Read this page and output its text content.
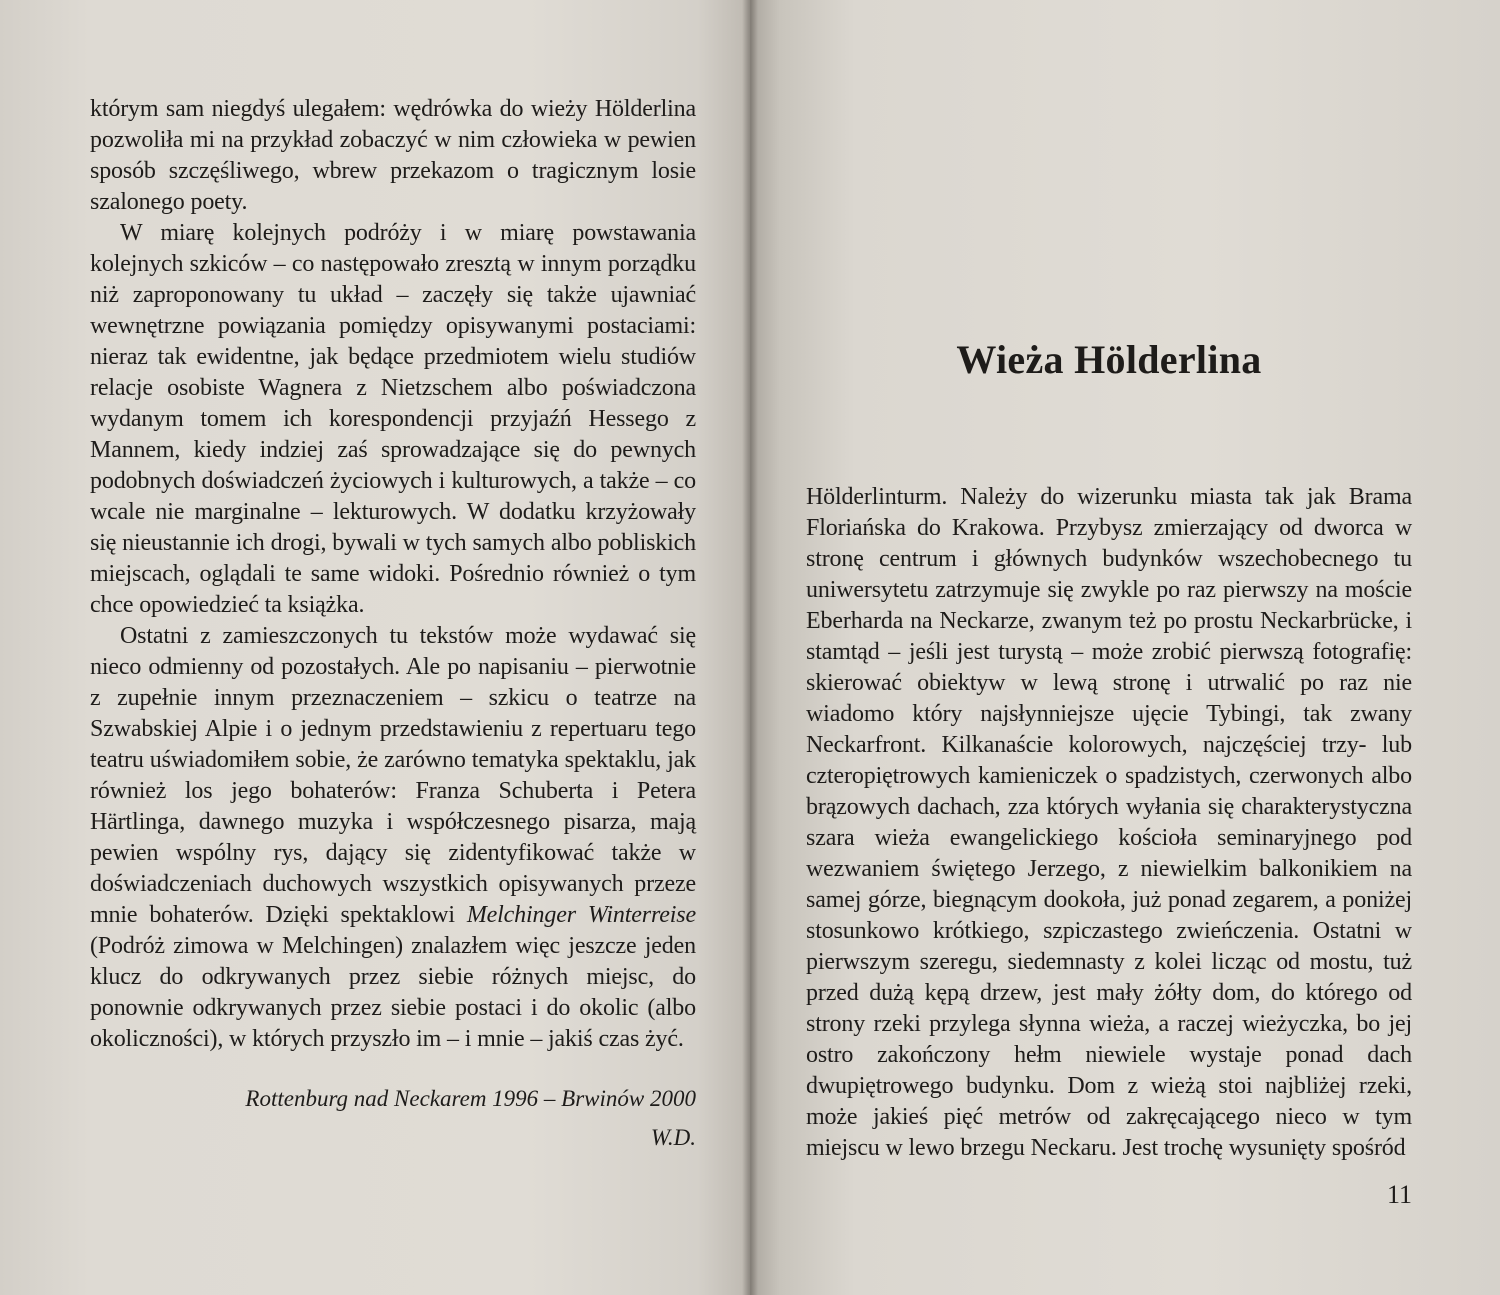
którym sam niegdyś ulegałem: wędrówka do wieży Hölderlina pozwoliła mi na przykład zobaczyć w nim człowieka w pewien sposób szczęśliwego, wbrew przekazom o tragicznym losie szalonego poety.

W miarę kolejnych podróży i w miarę powstawania kolejnych szkiców – co następowało zresztą w innym porządku niż zaproponowany tu układ – zaczęły się także ujawniać wewnętrzne powiązania pomiędzy opisywanymi postaciami: nieraz tak ewidentne, jak będące przedmiotem wielu studiów relacje osobiste Wagnera z Nietzschem albo poświadczona wydanym tomem ich korespondencji przyjaźń Hessego z Mannem, kiedy indziej zaś sprowadzające się do pewnych podobnych doświadczeń życiowych i kulturowych, a także – co wcale nie marginalne – lekturowych. W dodatku krzyżowały się nieustannie ich drogi, bywali w tych samych albo pobliskich miejscach, oglądali te same widoki. Pośrednio również o tym chce opowiedzieć ta książka.

Ostatni z zamieszczonych tu tekstów może wydawać się nieco odmienny od pozostałych. Ale po napisaniu – pierwotnie z zupełnie innym przeznaczeniem – szkicu o teatrze na Szwabskiej Alpie i o jednym przedstawieniu z repertuaru tego teatru uświadomiłem sobie, że zarówno tematyka spektaklu, jak również los jego bohaterów: Franza Schuberta i Petera Härtlinga, dawnego muzyka i współczesnego pisarza, mają pewien wspólny rys, dający się zidentyfikować także w doświadczeniach duchowych wszystkich opisywanych przeze mnie bohaterów. Dzięki spektaklowi Melchinger Winterreise (Podróż zimowa w Melchingen) znalazłem więc jeszcze jeden klucz do odkrywanych przez siebie różnych miejsc, do ponownie odkrywanych przez siebie postaci i do okolic (albo okoliczności), w których przyszło im – i mnie – jakiś czas żyć.

Rottenburg nad Neckarem 1996 – Brwinów 2000

W.D.

Wieża Hölderlina

Hölderlinturm. Należy do wizerunku miasta tak jak Brama Floriańska do Krakowa. Przybysz zmierzający od dworca w stronę centrum i głównych budynków wszechobecnego tu uniwersytetu zatrzymuje się zwykle po raz pierwszy na moście Eberharda na Neckarze, zwanym też po prostu Neckarbrücke, i stamtąd – jeśli jest turystą – może zrobić pierwszą fotografię: skierować obiektyw w lewą stronę i utrwalić po raz nie wiadomo który najsłynniejsze ujęcie Tybingi, tak zwany Neckarfront. Kilkanaście kolorowych, najczęściej trzy- lub czteropiętrowych kamieniczek o spadzistych, czerwonych albo brązowych dachach, zza których wyłania się charakterystyczna szara wieża ewangelickiego kościoła seminaryjnego pod wezwaniem świętego Jerzego, z niewielkim balkonikiem na samej górze, biegnącym dookoła, już ponad zegarem, a poniżej stosunkowo krótkiego, szpiczastego zwieńczenia. Ostatni w pierwszym szeregu, siedemnasty z kolei licząc od mostu, tuż przed dużą kępą drzew, jest mały żółty dom, do którego od strony rzeki przylega słynna wieża, a raczej wieżyczka, bo jej ostro zakończony hełm niewiele wystaje ponad dach dwupiętrowego budynku. Dom z wieżą stoi najbliżej rzeki, może jakieś pięć metrów od zakręcającego nieco w tym miejscu w lewo brzegu Neckaru. Jest trochę wysunięty spośród

11
